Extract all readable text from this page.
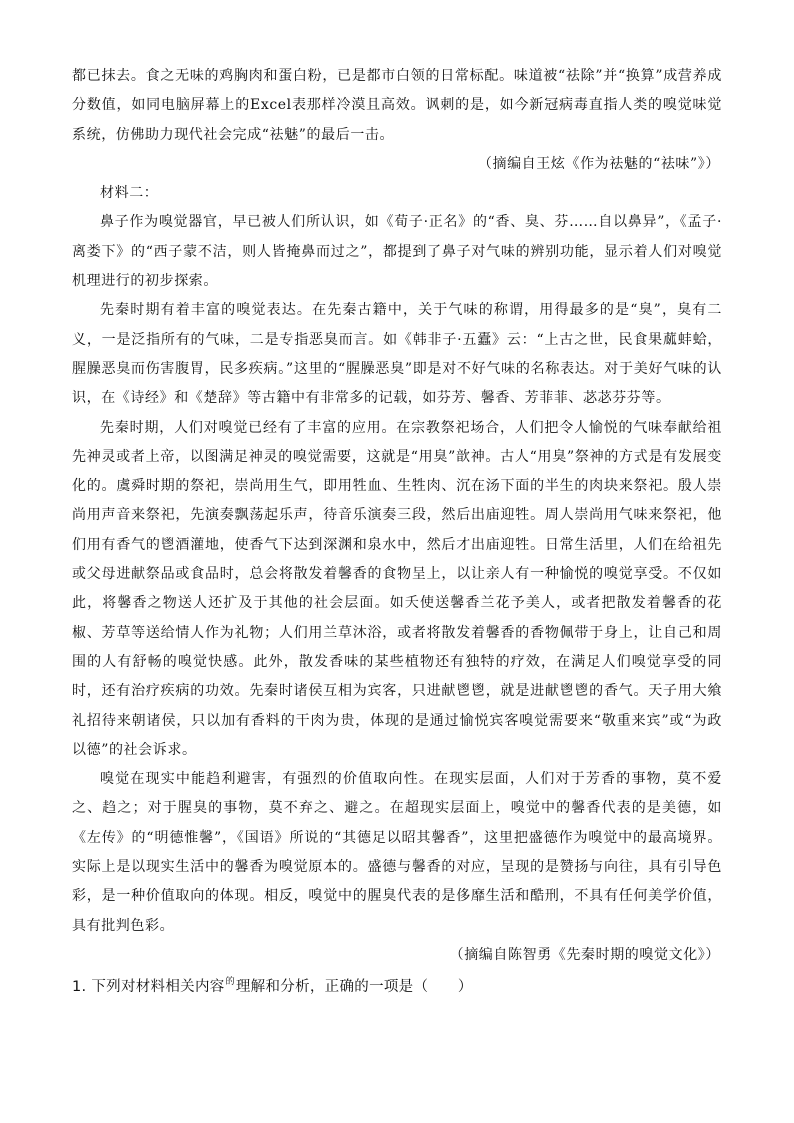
都已抹去。食之无味的鸡胸肉和蛋白粉，已是都市白领的日常标配。味道被“祛除”并“换算”成营养成分数值，如同电脑屏幕上的Excel表那样冷漠且高效。讽刺的是，如今新冠病毒直指人类的嗅觉味觉系统，仿佛助力现代社会完成“祛魅”的最后一击。

（摘编自王炫《作为祛魅的“祛味”》）

材料二：

鼻子作为嗅觉器官，早已被人们所认识，如《荀子·正名》的“香、臭、芬……自以鼻异”，《孟子·离娄下》的“西子蒙不洁，则人皆掩鼻而过之”，都提到了鼻子对气味的辨别功能，显示着人们对嗅觉机理进行的初步探索。

先秦时期有着丰富的嗅觉表达。在先秦古籍中，关于气味的称谓，用得最多的是“臭”，臭有二义，一是泛指所有的气味，二是专指恶臭而言。如《韩非子·五蠹》云：“上古之世，民食果蓏蚌蛤，腥臊恶臭而伤害腹胃，民多疾病。”这里的“腥臊恶臭”即是对不好气味的名称表达。对于美好气味的认识，在《诗经》和《楚辞》等古籍中有非常多的记载，如芬芳、馨香、芳菲菲、苾苾芬芬等。

先秦时期，人们对嗅觉已经有了丰富的应用。在宗教祭祀场合，人们把令人愉悦的气味奉献给祖先神灵或者上帝，以图满足神灵的嗅觉需要，这就是“用臭”歆神。古人“用臭”祭神的方式是有发展变化的。虞舜时期的祭祀，崇尚用生气，即用牲血、生牲肉、沉在汤下面的半生的肉块来祭祀。殷人崇尚用声音来祭祀，先演奏飘荡起乐声，待音乐演奏三段，然后出庙迎牲。周人崇尚用气味来祭祀，他们用有香气的鬯酒灌地，使香气下达到深渊和泉水中，然后才出庙迎牲。日常生活里，人们在给祖先或父母进献祭品或食品时，总会将散发着馨香的食物呈上，以让亲人有一种愉悦的嗅觉享受。不仅如此，将馨香之物送人还扩及于其他的社会层面。如夭使送馨香兰花予美人，或者把散发着馨香的花椒、芳草等送给情人作为礼物；人们用兰草沐浴，或者将散发着馨香的香物佩带于身上，让自己和周围的人有舒畅的嗅觉快感。此外，散发香味的某些植物还有独特的疗效，在满足人们嗅觉享受的同时，还有治疗疾病的功效。先秦时诸侯互相为宾客，只进献鬯鬯，就是进献鬯鬯的香气。天子用大飨礼招待来朝诸侯，只以加有香料的干肉为贵，体现的是通过愉悦宾客嗅觉需要来“敬重来宾”或“为政以德”的社会诉求。

嗅觉在现实中能趋利避害，有强烈的价值取向性。在现实层面，人们对于芳香的事物，莫不爱之、趋之；对于腥臭的事物，莫不弃之、避之。在超现实层面上，嗅觉中的馨香代表的是美德，如《左传》的“明德惟馨”，《国语》所说的“其德足以昭其馨香”，这里把盛德作为嗅觉中的最高境界。实际上是以现实生活中的馨香为嗅觉原本的。盛德与馨香的对应，呈现的是赞扬与向往，具有引导色彩，是一种价值取向的体现。相反，嗅觉中的腥臭代表的是侈靡生活和酷刑，不具有任何美学价值，具有批判色彩。

（摘编自陈智勇《先秦时期的嗅觉文化》）

1. 下列对材料相关内容$^的$理解和分析，正确的一项是（　　）
